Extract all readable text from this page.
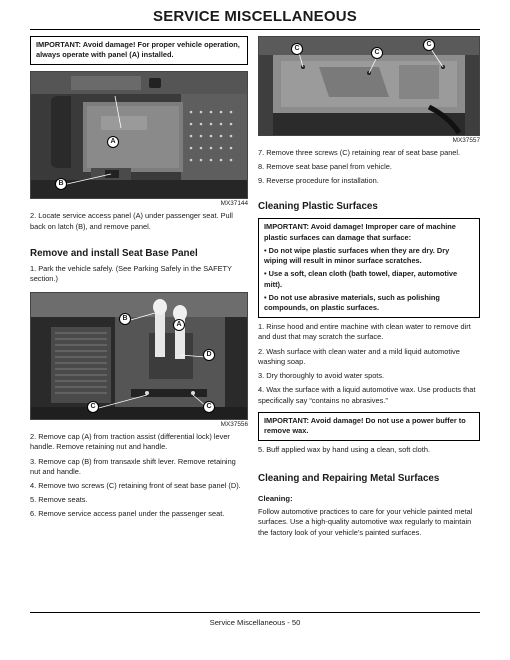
SERVICE MISCELLANEOUS
IMPORTANT: Avoid damage! For proper vehicle operation, always operate with panel (A) installed.
A
B
MX37144
2. Locate service access panel (A) under passenger seat. Pull back on latch (B), and remove panel.
Remove and install Seat Base Panel
1. Park the vehicle safely. (See Parking Safely in the SAFETY section.)
B
A
D
C	C
MX37556
2. Remove cap (A) from traction assist (differential lock) lever handle. Remove retaining nut and handle.
3. Remove cap (B) from transaxle shift lever. Remove retaining nut and handle.
4. Remove two screws (C) retaining front of seat base panel (D).
5. Remove seats.
6. Remove service access panel under the passenger seat.
C
C
C
MX37557
7. Remove three screws (C) retaining rear of seat base panel.
8. Remove seat base panel from vehicle.
9. Reverse procedure for installation.
Cleaning Plastic Surfaces
IMPORTANT: Avoid damage! Improper care of machine plastic surfaces can damage that surface:
• Do not wipe plastic surfaces when they are dry. Dry wiping will result in minor surface scratches.
• Use a soft, clean cloth (bath towel, diaper, automotive mitt).
• Do not use abrasive materials, such as polishing compounds, on plastic surfaces.
1. Rinse hood and entire machine with clean water to remove dirt and dust that may scratch the surface.
2. Wash surface with clean water and a mild liquid automotive washing soap.
3. Dry thoroughly to avoid water spots.
4. Wax the surface with a liquid automotive wax. Use products that specifically say “contains no abrasives.”
IMPORTANT: Avoid damage! Do not use a power buffer to remove wax.
5. Buff applied wax by hand using a clean, soft cloth.
Cleaning and Repairing Metal Surfaces
Cleaning:
Follow automotive practices to care for your vehicle painted metal surfaces. Use a high-quality automotive wax regularly to maintain the factory look of your vehicle’s painted surfaces.
Service Miscellaneous - 50
